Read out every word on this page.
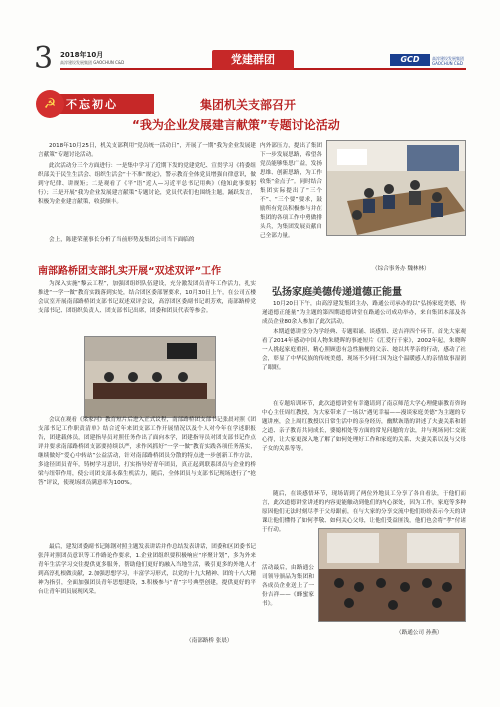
3 2018年10月
高淳建设发展集团 GAOCHUN C&D	党建群团	GCD	高淳建设发展集团 GAOCHUN C&D
☭ 不忘初心	集团机关支部召开
“我为企业发展建言献策”专题讨论活动
2018年10月25日，机关支部利用“党员统一活动日”，开展了一期“我为企业发展建言献策”专题讨论活动。
此次活动分三个方面进行：一是集中学习了近期下发的党建党纪、宣贯学习《将委组织部关于民生生活会、组织生活会“十不准”规定》，警示教育全体党员增强自律意识，做到守纪律、讲规矩；二是观看了《平“语”近人—习近平总书记用典》（他知此事要躬行）；三是开展“我为企业发展建言献策”专题讨论，党员代表们也围绕主题，踊跃发言，积极为企业建言献策，收获颇丰。
会上，陈建荣董事长分析了当前形势及集团公司当下面临的
内外部压力，提出了集团下一步发展思路，希望各党员能够集思广益，发扬思维、创新思路，为工作收集“金点子”。同时结合集团实际提出了“三个不”、“三个要”要求，鼓励所有党员积极参与并在集团的各项工作中勇做排头兵，为集团发展贡献自己全部力量。
（综合事务办 魏林林）
南部路桥团支部扎实开展“双述双评”工作
为深入实施“黎云工程”，加强团组织队伍建设，充分激发团员青年工作活力，扎实推进“一学一做”教育实践落到实处，结合团区委部署要求，10月30日上午，在公司五楼会议室开展南部路桥团支部书记双述双评会议，高淳团区委副书记胡芳欢，南部路桥党支部书记、团组织负责人、团支部书记出席，团委和团员代表等参会。
会议在观看《梁家河》教育短片后进入正式议程，南部路桥团支部书记张晨对照《团支部书记工作职责清单》结合近年来团支部工作开展情况以及个人对今年在学述职报告，团建载体员，团建指导员对照任务作出了面向本学，团建指导员对团支部书记作点评并要求南部路桥团支部要持续以严，求作风抓好“一学一做”教育实践各项任务落实，继续做好“爱心中转站”公益活动，针对南部路桥团员分散的特点进一步创新工作方法，多途径团员青年，铸树学习意识，打实指导好青年团员，真正起到联系团员与企业的桥梁与纽带作用，使公司团支部永葆生机活力，随后，全体团员与支部书记现场进行了“抢答”评议，使现场团员满意率为100%。
最后，建发团委副书记陈钢对照主题发表讲话并作总结发表讲话，团委和区团委书记张萍对照团员意识等工作路论作要求，1.企业团组织要积极响应“序聚计划”，多为外来青年生活学习交往提供更多服务，帮助他们更好的融入当地生活，吸引更多的外地人才到高淳扎根做贡献，2.加强思想学习，丰富学习形式，以党的十九大精神、团的十八大精神为指引，全面加强团员青年思想建设，3.积极参与“青”字号典型创建，提供更好的平台让青年团员展现风采。
（南部路桥 张晨）
弘扬家庭美德传递道德正能量
10月20日下午，由高淳建发集团主办，路通公司承办的以“弘扬家庭美德，传递道德正能量”为主题的第四期道德讲堂在路通公司成功举办，来自集团本部及各成员企业80余人参加了此次活动。
本期道德讲堂分为学经典、专题唱诵、谈感悟、送吉祥四个环节。首先大家观看了2014年感动中国人物朱晓晖的事迹短片《汇爱行千家》，2002年起，朱晓晖一人挑起家庭重担，精心照顾患有急性脑梗的父亲、她以其孝亲的行动，感动了社会，彰显了中华民族的传统美德，现场不少同仁因为这个温暖感人的亲情故事湿润了眼眶。
在专题培训环节，此次道德讲堂有幸邀请到了南京师范大学心理健康教育咨询中心主任周红教授，为大家带来了一场以“遇见幸福——漫谈家庭美德”为主题的专题讲座，会上周红教授以日常生活中的亲身经历，幽默诙谐的讲述了夫妻关系和谐之道、亲子教育共同成长，婆媳相处等方面的常见问题的方法，并与现场同仁交流心得，让大家更深入地了解了如何处理好工作和家庭的关系、夫妻关系以及与父母子女的关系等等。
随后，在谈感悟环节，现场请到了两位外地员工分享了各自看法，于他们而言，此次道德讲堂讲述的内容更能触动到他们的内心深处，因为工作，家庭等多种原因他们无法时刻尽孝于父母跟前，在与大家的分享交流中他们纷纷表示今天的讲课让他们懂得了如何孝敬、如何关心父母，让他们受益匪浅，他们也会将“孝”付诸于行动。
活动最后，由路通公司领导颁品为集团和各成员企业送上了一份吉祥——《蜂蜜家书》。
（路通公司 孙燕）
